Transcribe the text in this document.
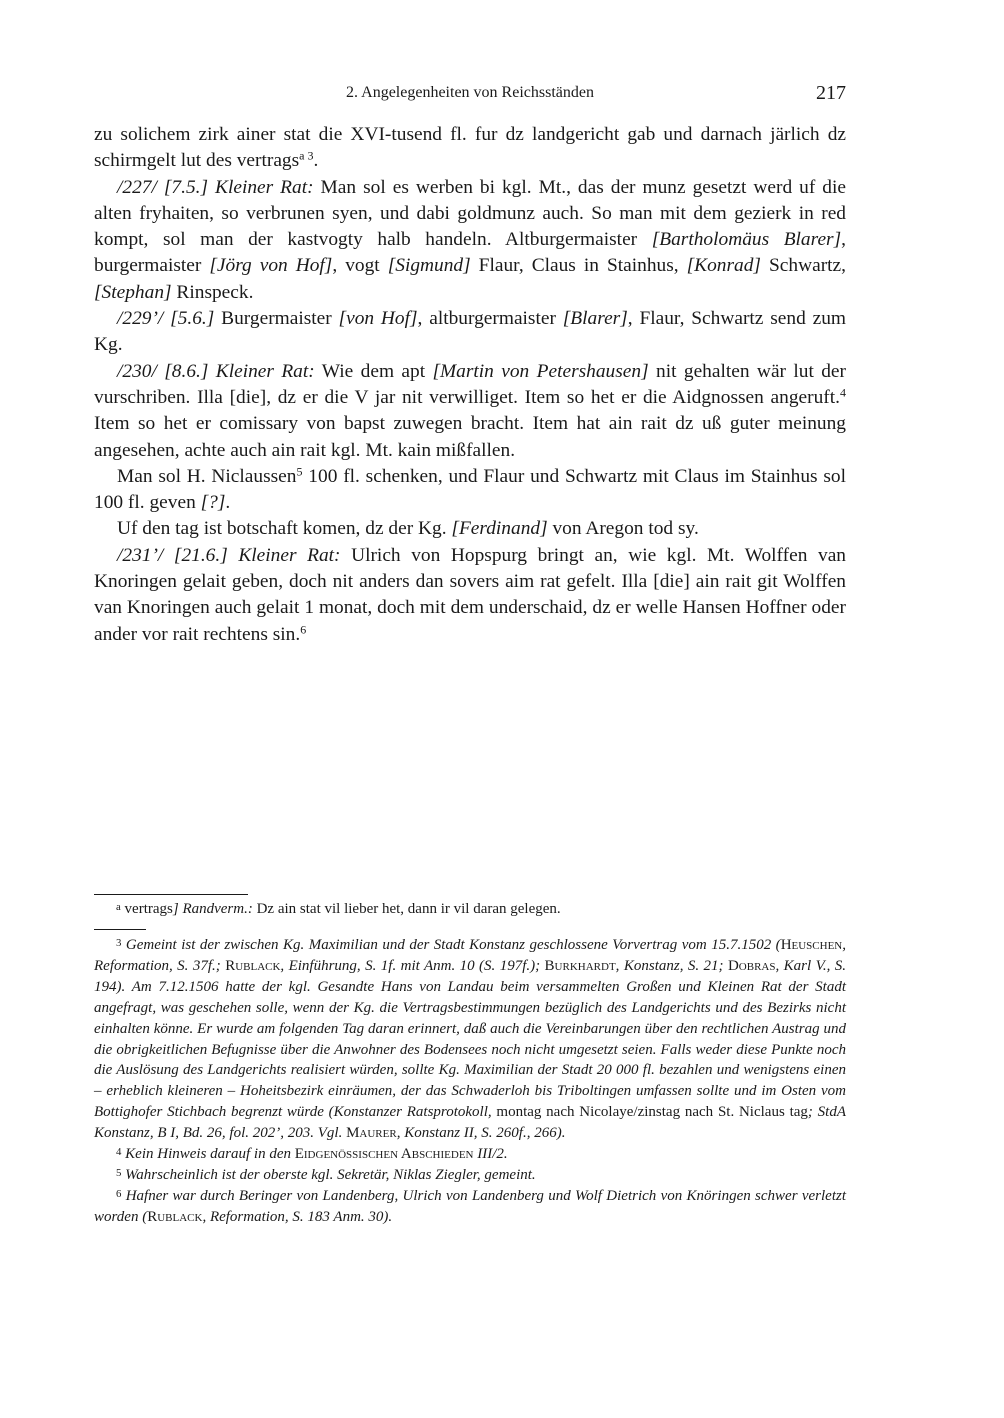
2. Angelegenheiten von Reichsständen	217

zu solichem zirk ainer stat die XVI-tusend fl. fur dz landgericht gab und darnach järlich dz schirmgelt lut des vertrags$^a$ $^3$.

/227/ [7.5.] Kleiner Rat: Man sol es werben bi kgl. Mt., das der munz gesetzt werd uf die alten fryhaiten, so verbrunen syen, und dabi goldmunz auch. So man mit dem gezierk in red kompt, sol man der kastvogty halb handeln. Altburgermaister [Bartholomäus Blarer], burgermaister [Jörg von Hof], vogt [Sigmund] Flaur, Claus in Stainhus, [Konrad] Schwartz, [Stephan] Rinspeck.

/229’/ [5.6.] Burgermaister [von Hof], altburgermaister [Blarer], Flaur, Schwartz send zum Kg.

/230/ [8.6.] Kleiner Rat: Wie dem apt [Martin von Petershausen] nit gehalten wär lut der vurschriben. Illa [die], dz er die V jar nit verwilliget. Item so het er die Aidgnossen angeruft.$^4$ Item so het er comissary von bapst zuwegen bracht. Item hat ain rait dz uß guter meinung angesehen, achte auch ain rait kgl. Mt. kain mißfallen.

Man sol H. Niclaussen$^5$ 100 fl. schenken, und Flaur und Schwartz mit Claus im Stainhus sol 100 fl. geven [?].

Uf den tag ist botschaft komen, dz der Kg. [Ferdinand] von Aregon tod sy.

/231’/ [21.6.] Kleiner Rat: Ulrich von Hopspurg bringt an, wie kgl. Mt. Wolffen van Knoringen gelait geben, doch nit anders dan sovers aim rat gefelt. Illa [die] ain rait git Wolffen van Knoringen auch gelait 1 monat, doch mit dem underschaid, dz er welle Hansen Hoffner oder ander vor rait rechtens sin.$^6$

$^a$ vertrags] Randverm.: Dz ain stat vil lieber het, dann ir vil daran gelegen.

$^3$ Gemeint ist der zwischen Kg. Maximilian und der Stadt Konstanz geschlossene Vorvertrag vom 15.7.1502 (Heuschen, Reformation, S. 37f.; Rublack, Einführung, S. 1f. mit Anm. 10 (S. 197f.); Burkhardt, Konstanz, S. 21; Dobras, Karl V., S. 194). Am 7.12.1506 hatte der kgl. Gesandte Hans von Landau beim versammelten Großen und Kleinen Rat der Stadt angefragt, was geschehen solle, wenn der Kg. die Vertragsbestimmungen bezüglich des Landgerichts und des Bezirks nicht einhalten könne. Er wurde am folgenden Tag daran erinnert, daß auch die Vereinbarungen über den rechtlichen Austrag und die obrigkeitlichen Befugnisse über die Anwohner des Bodensees noch nicht umgesetzt seien. Falls weder diese Punkte noch die Auslösung des Landgerichts realisiert würden, sollte Kg. Maximilian der Stadt 20 000 fl. bezahlen und wenigstens einen – erheblich kleineren – Hoheitsbezirk einräumen, der das Schwaderloh bis Triboltingen umfassen sollte und im Osten vom Bottighofer Stichbach begrenzt würde (Konstanzer Ratsprotokoll, montag nach Nicolaye/zinstag nach St. Niclaus tag; StdA Konstanz, B I, Bd. 26, fol. 202’, 203. Vgl. Maurer, Konstanz II, S. 260f., 266).

$^4$ Kein Hinweis darauf in den Eidgenössischen Abschieden III/2.

$^5$ Wahrscheinlich ist der oberste kgl. Sekretär, Niklas Ziegler, gemeint.

$^6$ Hafner war durch Beringer von Landenberg, Ulrich von Landenberg und Wolf Dietrich von Knöringen schwer verletzt worden (Rublack, Reformation, S. 183 Anm. 30).
